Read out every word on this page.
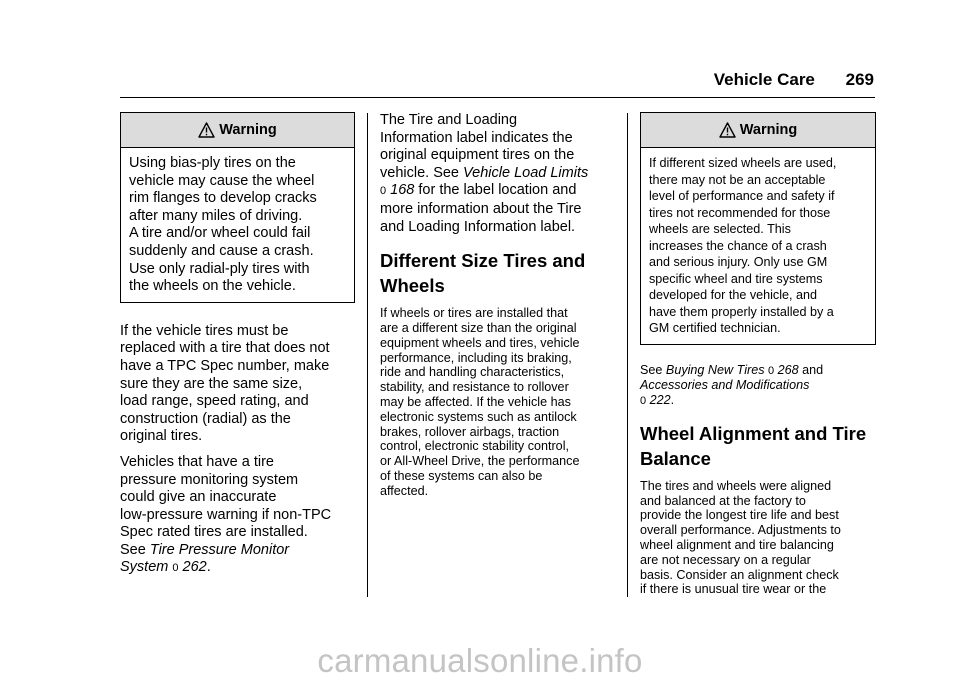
Vehicle Care 269
Warning

Using bias-ply tires on the

vehicle may cause the wheel

rim flanges to develop cracks

after many miles of driving.

A tire and/or wheel could fail

suddenly and cause a crash.

Use only radial-ply tires with

the wheels on the vehicle.

If the vehicle tires must be

replaced with a tire that does not

have a TPC Spec number, make

sure they are the same size,

load range, speed rating, and

construction (radial) as the

original tires.

Vehicles that have a tire

pressure monitoring system

could give an inaccurate

low-pressure warning if non-TPC

Spec rated tires are installed.

See Tire Pressure Monitor

System 0 262.

The Tire and Loading

Information label indicates the

original equipment tires on the

vehicle. See Vehicle Load Limits

0 168 for the label location and

more information about the Tire

and Loading Information label.

Different Size Tires and

Wheels

If wheels or tires are installed that

are a different size than the original

equipment wheels and tires, vehicle

performance, including its braking,

ride and handling characteristics,

stability, and resistance to rollover

may be affected. If the vehicle has

electronic systems such as antilock

brakes, rollover airbags, traction

control, electronic stability control,

or All-Wheel Drive, the performance

of these systems can also be

affected.

Warning

If different sized wheels are used,

there may not be an acceptable

level of performance and safety if

tires not recommended for those

wheels are selected. This

increases the chance of a crash

and serious injury. Only use GM

specific wheel and tire systems

developed for the vehicle, and

have them properly installed by a

GM certified technician.

See Buying New Tires 0 268 and

Accessories and Modifications

0 222.

Wheel Alignment and Tire

Balance

The tires and wheels were aligned

and balanced at the factory to

provide the longest tire life and best

overall performance. Adjustments to

wheel alignment and tire balancing

are not necessary on a regular

basis. Consider an alignment check

if there is unusual tire wear or the

carmanualsonline.info
